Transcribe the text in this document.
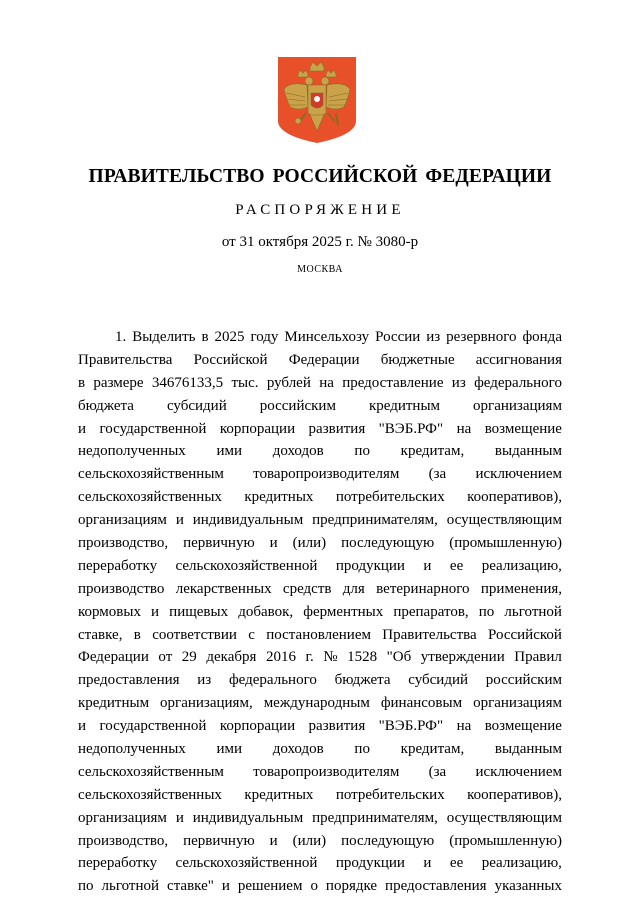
ПРАВИТЕЛЬСТВО РОССИЙСКОЙ ФЕДЕРАЦИИ
РАСПОРЯЖЕНИЕ
от 31 октября 2025 г. № 3080-р
МОСКВА
1. Выделить в 2025 году Минсельхозу России из резервного фонда
Правительства Российской Федерации бюджетные ассигнования
в размере 34676133,5 тыс. рублей на предоставление из федерального
бюджета субсидий российским кредитным организациям
и государственной корпорации развития "ВЭБ.РФ" на возмещение
недополученных ими доходов по кредитам, выданным
сельскохозяйственным товаропроизводителям (за исключением
сельскохозяйственных кредитных потребительских кооперативов),
организациям и индивидуальным предпринимателям, осуществляющим
производство, первичную и (или) последующую (промышленную)
переработку сельскохозяйственной продукции и ее реализацию,
производство лекарственных средств для ветеринарного применения,
кормовых и пищевых добавок, ферментных препаратов, по льготной
ставке, в соответствии с постановлением Правительства Российской
Федерации от 29 декабря 2016 г. № 1528 "Об утверждении Правил
предоставления из федерального бюджета субсидий российским
кредитным организациям, международным финансовым организациям
и государственной корпорации развития "ВЭБ.РФ" на возмещение
недополученных ими доходов по кредитам, выданным
сельскохозяйственным товаропроизводителям (за исключением
сельскохозяйственных кредитных потребительских кооперативов),
организациям и индивидуальным предпринимателям, осуществляющим
производство, первичную и (или) последующую (промышленную)
переработку сельскохозяйственной продукции и ее реализацию,
по льготной ставке" и решением о порядке предоставления указанных
